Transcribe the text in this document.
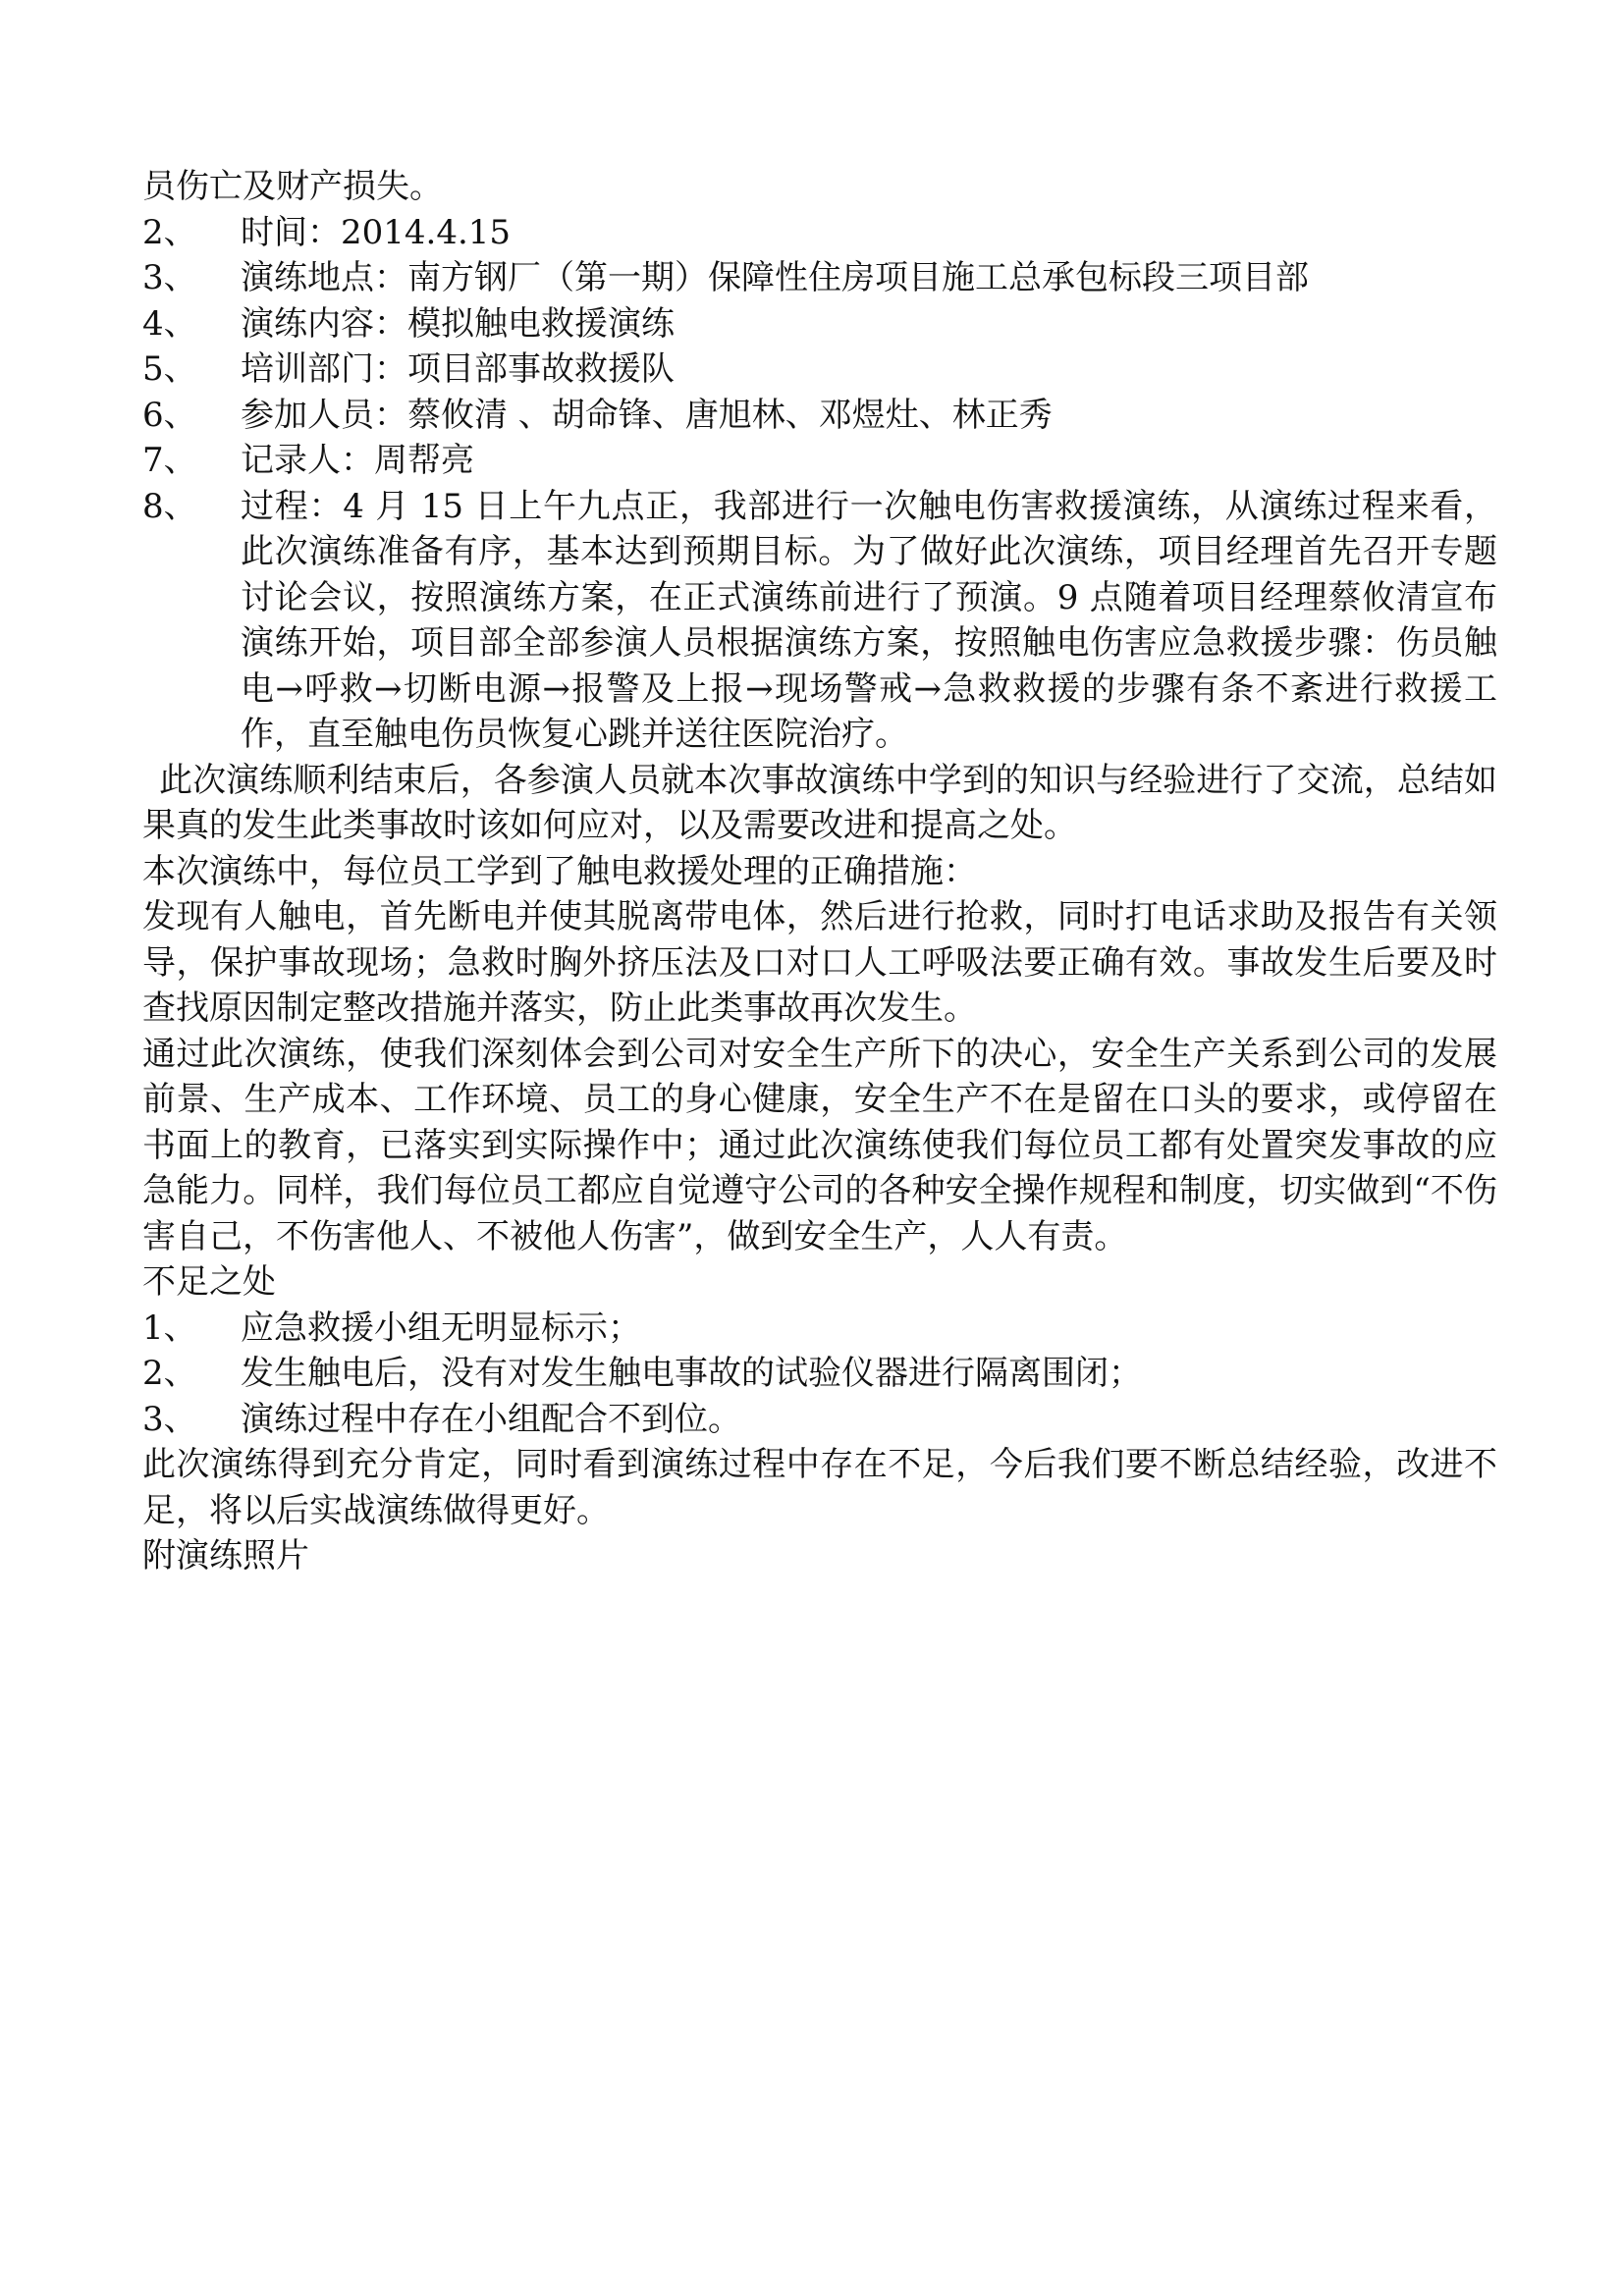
员伤亡及财产损失。

2、	时间：2014.4.15
3、	演练地点：南方钢厂（第一期）保障性住房项目施工总承包标段三项目部
4、	演练内容：模拟触电救援演练
5、	培训部门：项目部事故救援队
6、	参加人员：蔡攸清 、胡命锋、唐旭林、邓煜灶、林正秀
7、	记录人：周帮亮
8、	过程：4 月 15 日上午九点正，我部进行一次触电伤害救援演练，从演练过程来看，此次演练准备有序，基本达到预期目标。为了做好此次演练，项目经理首先召开专题讨论会议，按照演练方案，在正式演练前进行了预演。9 点随着项目经理蔡攸清宣布演练开始，项目部全部参演人员根据演练方案，按照触电伤害应急救援步骤：伤员触电→呼救→切断电源→报警及上报→现场警戒→急救救援的步骤有条不紊进行救援工作，直至触电伤员恢复心跳并送往医院治疗。

此次演练顺利结束后，各参演人员就本次事故演练中学到的知识与经验进行了交流，总结如果真的发生此类事故时该如何应对，以及需要改进和提高之处。

本次演练中，每位员工学到了触电救援处理的正确措施：

发现有人触电，首先断电并使其脱离带电体，然后进行抢救，同时打电话求助及报告有关领导，保护事故现场；急救时胸外挤压法及口对口人工呼吸法要正确有效。事故发生后要及时查找原因制定整改措施并落实，防止此类事故再次发生。

通过此次演练，使我们深刻体会到公司对安全生产所下的决心，安全生产关系到公司的发展前景、生产成本、工作环境、员工的身心健康，安全生产不在是留在口头的要求，或停留在书面上的教育，已落实到实际操作中；通过此次演练使我们每位员工都有处置突发事故的应急能力。同样，我们每位员工都应自觉遵守公司的各种安全操作规程和制度，切实做到“不伤害自己，不伤害他人、不被他人伤害”，做到安全生产，人人有责。

不足之处

1、	应急救援小组无明显标示；
2、	发生触电后，没有对发生触电事故的试验仪器进行隔离围闭；
3、	演练过程中存在小组配合不到位。

此次演练得到充分肯定，同时看到演练过程中存在不足，今后我们要不断总结经验，改进不足，将以后实战演练做得更好。

附演练照片
